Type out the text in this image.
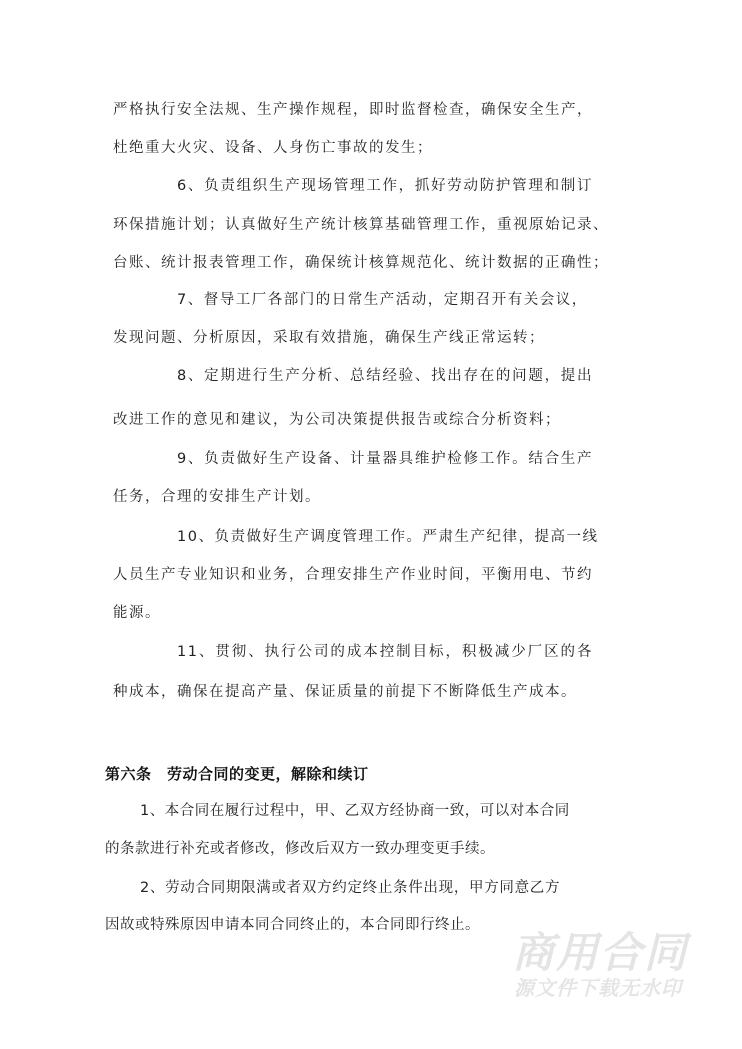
严格执行安全法规、生产操作规程，即时监督检查，确保安全生产，
杜绝重大火灾、设备、人身伤亡事故的发生；
6、负责组织生产现场管理工作，抓好劳动防护管理和制订
环保措施计划；认真做好生产统计核算基础管理工作，重视原始记录、
台账、统计报表管理工作，确保统计核算规范化、统计数据的正确性；
7、督导工厂各部门的日常生产活动，定期召开有关会议，
发现问题、分析原因，采取有效措施，确保生产线正常运转；
8、定期进行生产分析、总结经验、找出存在的问题，提出
改进工作的意见和建议，为公司决策提供报告或综合分析资料；
9、负责做好生产设备、计量器具维护检修工作。结合生产
任务，合理的安排生产计划。
10、负责做好生产调度管理工作。严肃生产纪律，提高一线
人员生产专业知识和业务，合理安排生产作业时间，平衡用电、节约
能源。
11、贯彻、执行公司的成本控制目标，积极减少厂区的各
种成本，确保在提高产量、保证质量的前提下不断降低生产成本。
第六条　劳动合同的变更，解除和续订
1、本合同在履行过程中，甲、乙双方经协商一致，可以对本合同
的条款进行补充或者修改，修改后双方一致办理变更手续。
2、劳动合同期限满或者双方约定终止条件出现，甲方同意乙方
因故或特殊原因申请本同合同终止的，本合同即行终止。
商用合同
源文件下载无水印
